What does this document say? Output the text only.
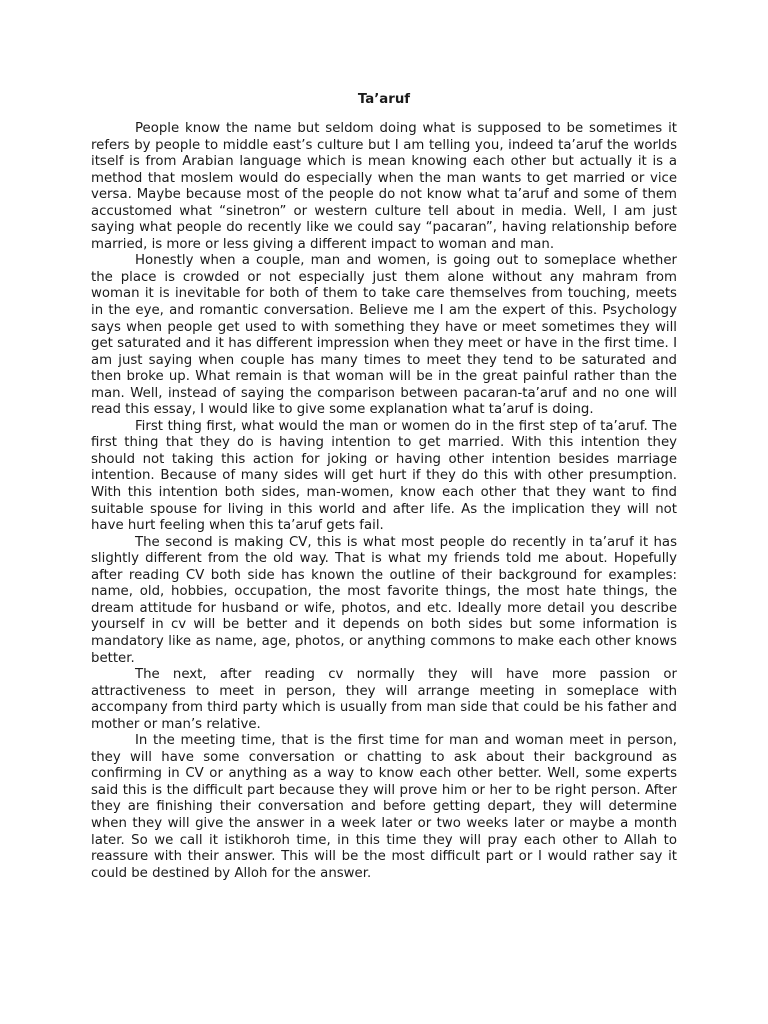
Ta’aruf

People know the name but seldom doing what is supposed to be sometimes it refers by people to middle east’s culture but I am telling you, indeed ta’aruf the worlds itself is from Arabian language which is mean knowing each other but actually it is a method that moslem would do especially when the man wants to get married or vice versa. Maybe because most of the people do not know what ta’aruf and some of them accustomed what “sinetron” or western culture tell about in media. Well, I am just saying what people do recently like we could say “pacaran”, having relationship before married, is more or less giving a different impact to woman and man.

Honestly when a couple, man and women, is going out to someplace whether the place is crowded or not especially just them alone without any mahram from woman it is inevitable for both of them to take care themselves from touching, meets in the eye, and romantic conversation. Believe me I am the expert of this. Psychology says when people get used to with something they have or meet sometimes they will get saturated and it has different impression when they meet or have in the first time. I am just saying when couple has many times to meet they tend to be saturated and then broke up. What remain is that woman will be in the great painful rather than the man. Well, instead of saying the comparison between pacaran-ta’aruf and no one will read this essay, I would like to give some explanation what ta’aruf is doing.

First thing first, what would the man or women do in the first step of ta’aruf. The first thing that they do is having intention to get married. With this intention they should not taking this action for joking or having other intention besides marriage intention. Because of many sides will get hurt if they do this with other presumption. With this intention both sides, man-women, know each other that they want to find suitable spouse for living in this world and after life. As the implication they will not have hurt feeling when this ta’aruf gets fail.

The second is making CV, this is what most people do recently in ta’aruf it has slightly different from the old way. That is what my friends told me about. Hopefully after reading CV both side has known the outline of their background for examples: name, old, hobbies, occupation, the most favorite things, the most hate things, the dream attitude for husband or wife, photos, and etc. Ideally more detail you describe yourself in cv will be better and it depends on both sides but some information is mandatory like as name, age, photos, or anything commons to make each other knows better.

The next, after reading cv normally they will have more passion or attractiveness to meet in person, they will arrange meeting in someplace with accompany from third party which is usually from man side that could be his father and mother or man’s relative.

In the meeting time, that is the first time for man and woman meet in person, they will have some conversation or chatting to ask about their background as confirming in CV or anything as a way to know each other better. Well, some experts said this is the difficult part because they will prove him or her to be right person. After they are finishing their conversation and before getting depart, they will determine when they will give the answer in a week later or two weeks later or maybe a month later. So we call it istikhoroh time, in this time they will pray each other to Allah to reassure with their answer. This will be the most difficult part or I would rather say it could be destined by Alloh for the answer.
